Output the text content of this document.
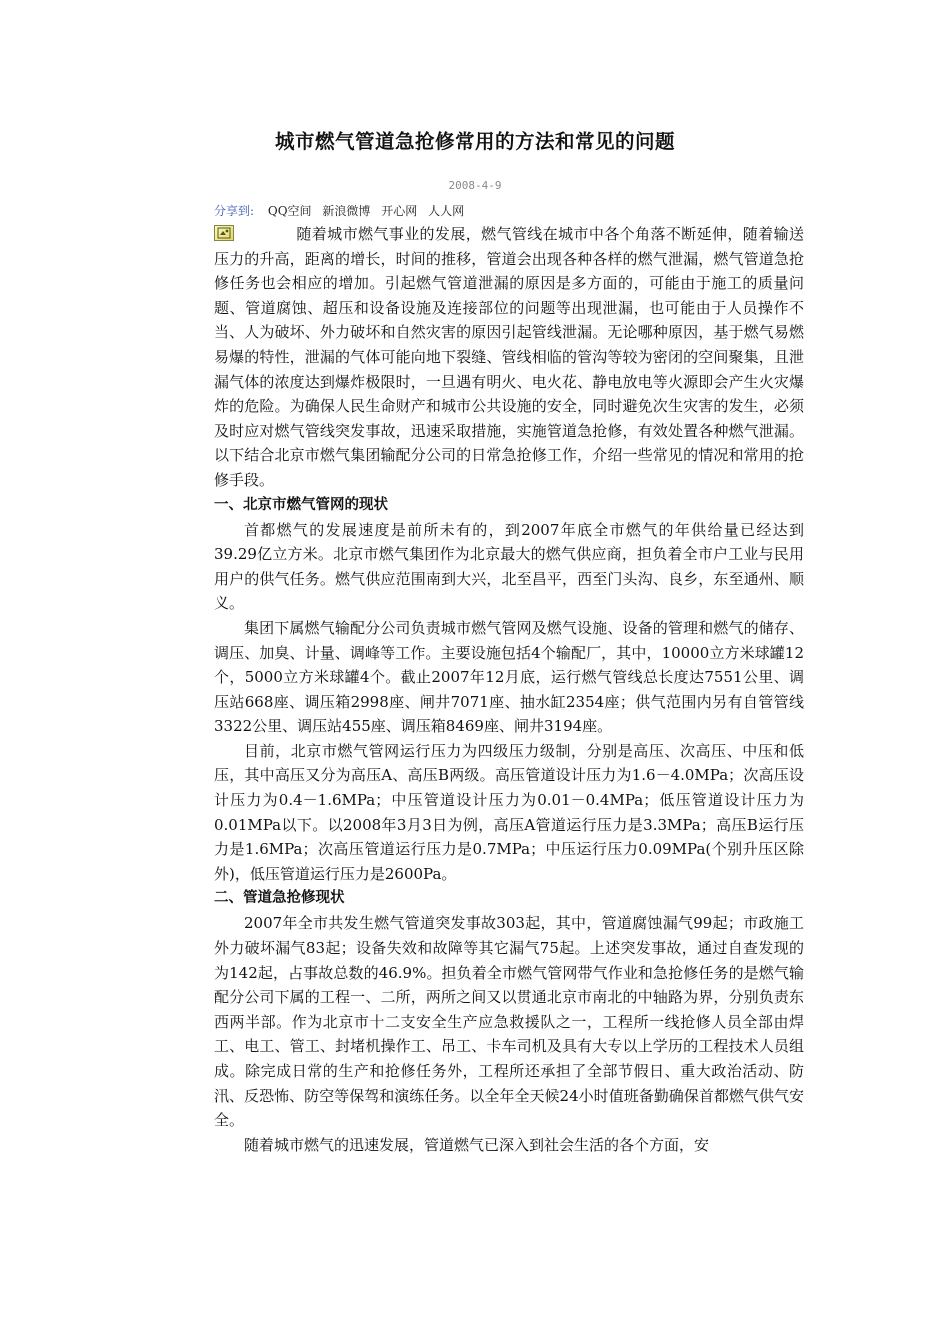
城市燃气管道急抢修常用的方法和常见的问题
2008-4-9
分享到: QQ空间 新浪微博 开心网 人人网

随着城市燃气事业的发展，燃气管线在城市中各个角落不断延伸，随着输送压力的升高，距离的增长，时间的推移，管道会出现各种各样的燃气泄漏，燃气管道急抢修任务也会相应的增加。引起燃气管道泄漏的原因是多方面的，可能由于施工的质量问题、管道腐蚀、超压和设备设施及连接部位的问题等出现泄漏，也可能由于人员操作不当、人为破坏、外力破坏和自然灾害的原因引起管线泄漏。无论哪种原因，基于燃气易燃易爆的特性，泄漏的气体可能向地下裂缝、管线相临的管沟等较为密闭的空间聚集，且泄漏气体的浓度达到爆炸极限时，一旦遇有明火、电火花、静电放电等火源即会产生火灾爆炸的危险。为确保人民生命财产和城市公共设施的安全，同时避免次生灾害的发生，必须及时应对燃气管线突发事故，迅速采取措施，实施管道急抢修，有效处置各种燃气泄漏。以下结合北京市燃气集团输配分公司的日常急抢修工作，介绍一些常见的情况和常用的抢修手段。

一、北京市燃气管网的现状

首都燃气的发展速度是前所未有的，到2007年底全市燃气的年供给量已经达到39.29亿立方米。北京市燃气集团作为北京最大的燃气供应商，担负着全市户工业与民用用户的供气任务。燃气供应范围南到大兴，北至昌平，西至门头沟、良乡，东至通州、顺义。

集团下属燃气输配分公司负责城市燃气管网及燃气设施、设备的管理和燃气的储存、调压、加臭、计量、调峰等工作。主要设施包括4个输配厂，其中，10000立方米球罐12个，5000立方米球罐4个。截止2007年12月底，运行燃气管线总长度达7551公里、调压站668座、调压箱2998座、闸井7071座、抽水缸2354座；供气范围内另有自管管线3322公里、调压站455座、调压箱8469座、闸井3194座。

目前，北京市燃气管网运行压力为四级压力级制，分别是高压、次高压、中压和低压，其中高压又分为高压A、高压B两级。高压管道设计压力为1.6－4.0MPa；次高压设计压力为0.4－1.6MPa；中压管道设计压力为0.01－0.4MPa；低压管道设计压力为0.01MPa以下。以2008年3月3日为例，高压A管道运行压力是3.3MPa；高压B运行压力是1.6MPa；次高压管道运行压力是0.7MPa；中压运行压力0.09MPa(个别升压区除外)，低压管道运行压力是2600Pa。

二、管道急抢修现状

2007年全市共发生燃气管道突发事故303起，其中，管道腐蚀漏气99起；市政施工外力破坏漏气83起；设备失效和故障等其它漏气75起。上述突发事故，通过自查发现的为142起，占事故总数的46.9%。担负着全市燃气管网带气作业和急抢修任务的是燃气输配分公司下属的工程一、二所，两所之间又以贯通北京市南北的中轴路为界，分别负责东西两半部。作为北京市十二支安全生产应急救援队之一，工程所一线抢修人员全部由焊工、电工、管工、封堵机操作工、吊工、卡车司机及具有大专以上学历的工程技术人员组成。除完成日常的生产和抢修任务外，工程所还承担了全部节假日、重大政治活动、防汛、反恐怖、防空等保驾和演练任务。以全年全天候24小时值班备勤确保首都燃气供气安全。

随着城市燃气的迅速发展，管道燃气已深入到社会生活的各个方面，安
